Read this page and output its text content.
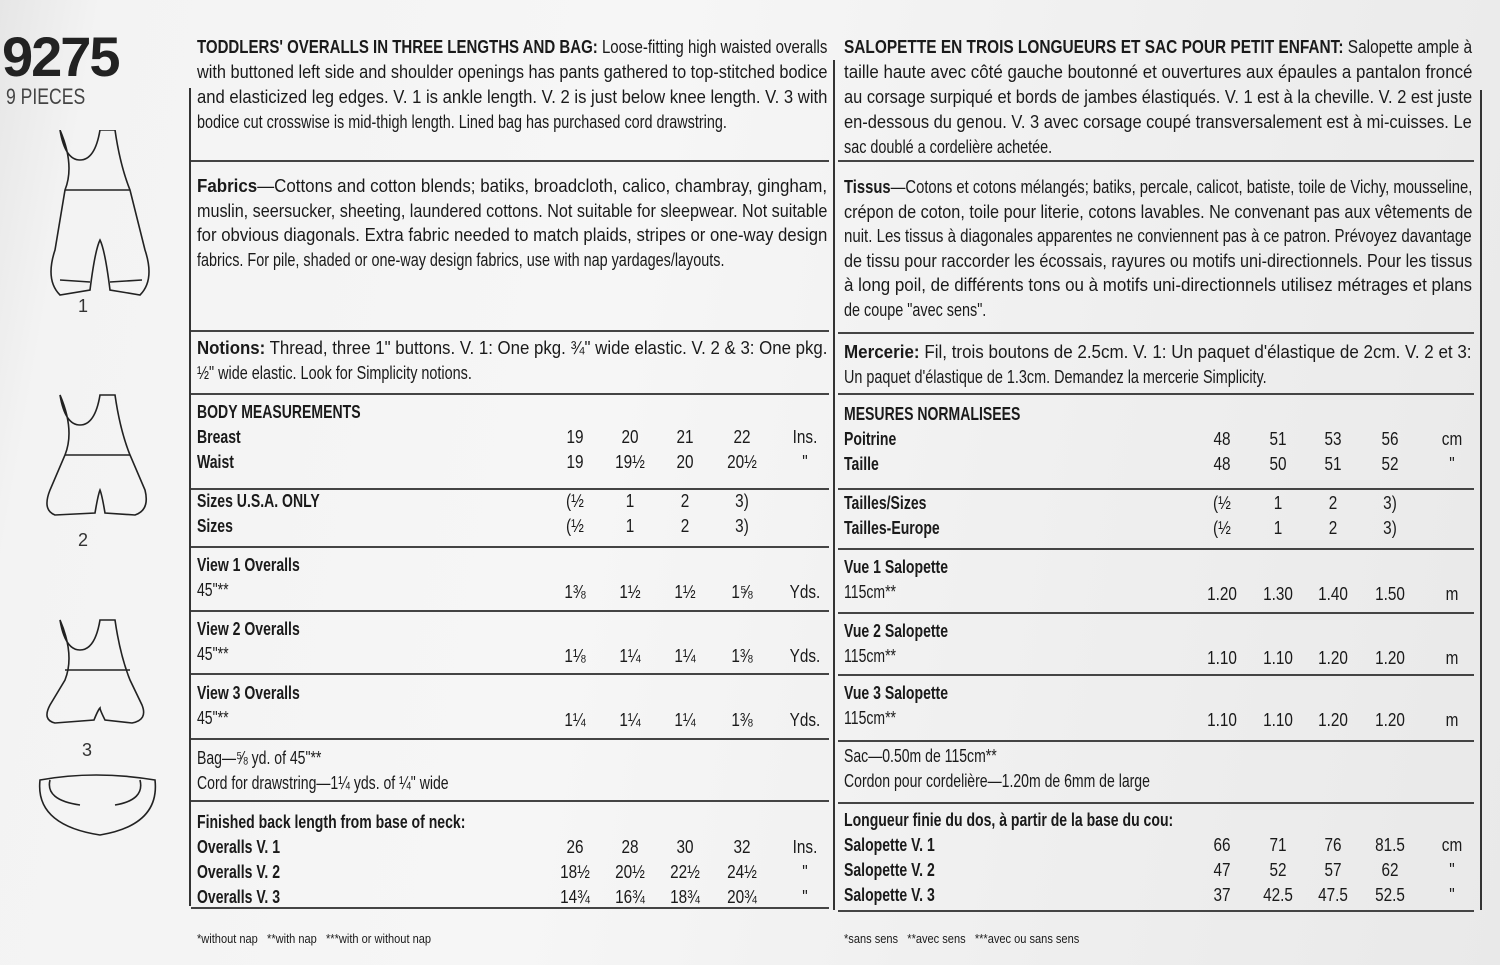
9275
9 PIECES
1
2
3
TODDLERS' OVERALLS IN THREE LENGTHS AND BAG: Loose-fitting high waisted overalls
with buttoned left side and shoulder openings has pants gathered to top-stitched bodice
and elasticized leg edges. V. 1 is ankle length. V. 2 is just below knee length. V. 3 with
bodice cut crosswise is mid-thigh length. Lined bag has purchased cord drawstring.
Fabrics—Cottons and cotton blends; batiks, broadcloth, calico, chambray, gingham,
muslin, seersucker, sheeting, laundered cottons. Not suitable for sleepwear. Not suitable
for obvious diagonals. Extra fabric needed to match plaids, stripes or one-way design
fabrics. For pile, shaded or one-way design fabrics, use with nap yardages/layouts.
Notions: Thread, three 1" buttons. V. 1: One pkg. ¾" wide elastic. V. 2 & 3: One pkg.
½" wide elastic. Look for Simplicity notions.
BODY MEASUREMENTS
Breast	19	20	21	22	Ins.
Waist	19	19½	20	20½	"
Sizes U.S.A. ONLY	(½	1	2	3)
Sizes	(½	1	2	3)
View 1 Overalls
45"**	1⅜	1½	1½	1⅝	Yds.
View 2 Overalls
45"**	1⅛	1¼	1¼	1⅜	Yds.
View 3 Overalls
45"**	1¼	1¼	1¼	1⅜	Yds.
Bag—⅝ yd. of 45"**
Cord for drawstring—1¼ yds. of ¼" wide
Finished back length from base of neck:
Overalls V. 1	26	28	30	32	Ins.
Overalls V. 2	18½	20½	22½	24½	"
Overalls V. 3	14¾	16¾	18¾	20¾	"
*without nap   **with nap   ***with or without nap
SALOPETTE EN TROIS LONGUEURS ET SAC POUR PETIT ENFANT: Salopette ample à
taille haute avec côté gauche boutonné et ouvertures aux épaules a pantalon froncé
au corsage surpiqué et bords de jambes élastiqués. V. 1 est à la cheville. V. 2 est juste
en-dessous du genou. V. 3 avec corsage coupé transversalement est à mi-cuisses. Le
sac doublé a cordelière achetée.
Tissus—Cotons et cotons mélangés; batiks, percale, calicot, batiste, toile de Vichy, mousseline,
crépon de coton, toile pour literie, cotons lavables. Ne convenant pas aux vêtements de
nuit. Les tissus à diagonales apparentes ne conviennent pas à ce patron. Prévoyez davantage
de tissu pour raccorder les écossais, rayures ou motifs uni-directionnels. Pour les tissus
à long poil, de différents tons ou à motifs uni-directionnels utilisez métrages et plans
de coupe "avec sens".
Mercerie: Fil, trois boutons de 2.5cm. V. 1: Un paquet d'élastique de 2cm. V. 2 et 3:
Un paquet d'élastique de 1.3cm. Demandez la mercerie Simplicity.
MESURES NORMALISEES
Poitrine	48	51	53	56	cm
Taille	48	50	51	52	"
Tailles/Sizes	(½	1	2	3)
Tailles-Europe	(½	1	2	3)
Vue 1 Salopette
115cm**	1.20	1.30	1.40	1.50	m
Vue 2 Salopette
115cm**	1.10	1.10	1.20	1.20	m
Vue 3 Salopette
115cm**	1.10	1.10	1.20	1.20	m
Sac—0.50m de 115cm**
Cordon pour cordelière—1.20m de 6mm de large
Longueur finie du dos, à partir de la base du cou:
Salopette V. 1	66	71	76	81.5	cm
Salopette V. 2	47	52	57	62	"
Salopette V. 3	37	42.5	47.5	52.5	"
*sans sens   **avec sens   ***avec ou sans sens
